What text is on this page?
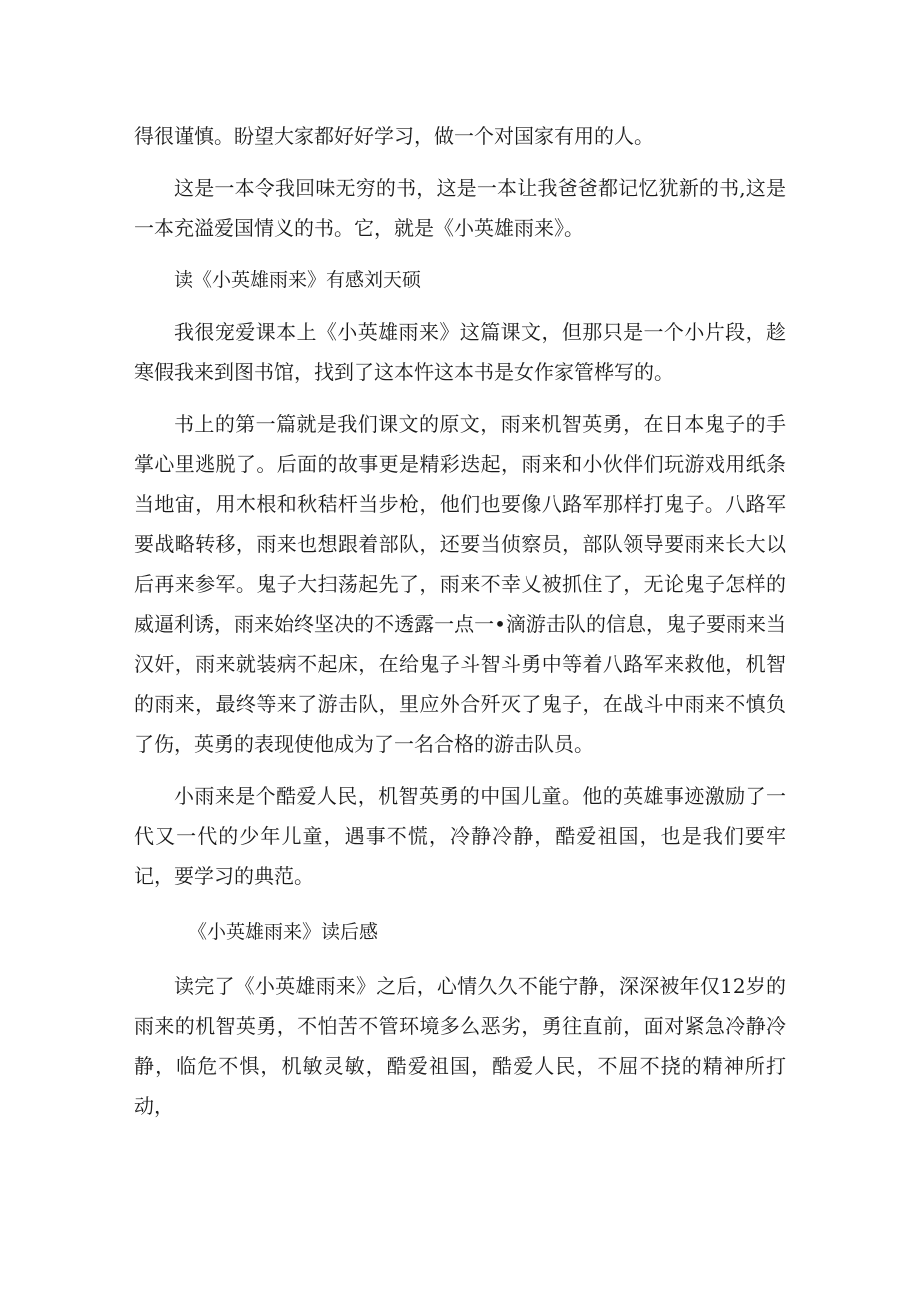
得很谨慎。盼望大家都好好学习，做一个对国家有用的人。

这是一本令我回味无穷的书，这是一本让我爸爸都记忆犹新的书,这是一本充溢爱国情义的书。它，就是《小英雄雨来》。

读《小英雄雨来》有感刘天硕

我很宠爱课本上《小英雄雨来》这篇课文，但那只是一个小片段，趁寒假我来到图书馆，找到了这本忤这本书是女作家管桦写的。

书上的第一篇就是我们课文的原文，雨来机智英勇，在日本鬼子的手掌心里逃脱了。后面的故事更是精彩迭起，雨来和小伙伴们玩游戏用纸条当地宙，用木根和秋秸杆当步枪，他们也要像八路军那样打鬼子。八路军要战略转移，雨来也想跟着部队，还要当侦察员，部队领导要雨来长大以后再来参军。鬼子大扫荡起先了，雨来不幸乂被抓住了，无论鬼子怎样的威逼利诱，雨来始终坚决的不透露一点一•滴游击队的信息，鬼子要雨来当汉奸，雨来就装病不起床，在给鬼子斗智斗勇中等着八路军来救他，机智的雨来，最终等来了游击队，里应外合歼灭了鬼子，在战斗中雨来不慎负了伤，英勇的表现使他成为了一名合格的游击队员。

小雨来是个酷爱人民，机智英勇的中国儿童。他的英雄事迹激励了一代又一代的少年儿童，遇事不慌，冷静冷静，酷爱祖国，也是我们要牢记，要学习的典范。

《小英雄雨来》读后感

读完了《小英雄雨来》之后，心情久久不能宁静，深深被年仅12岁的雨来的机智英勇，不怕苦不管环境多么恶劣，勇往直前，面对紧急冷静冷静，临危不惧，机敏灵敏，酷爱祖国，酷爱人民，不屈不挠的精神所打动，
